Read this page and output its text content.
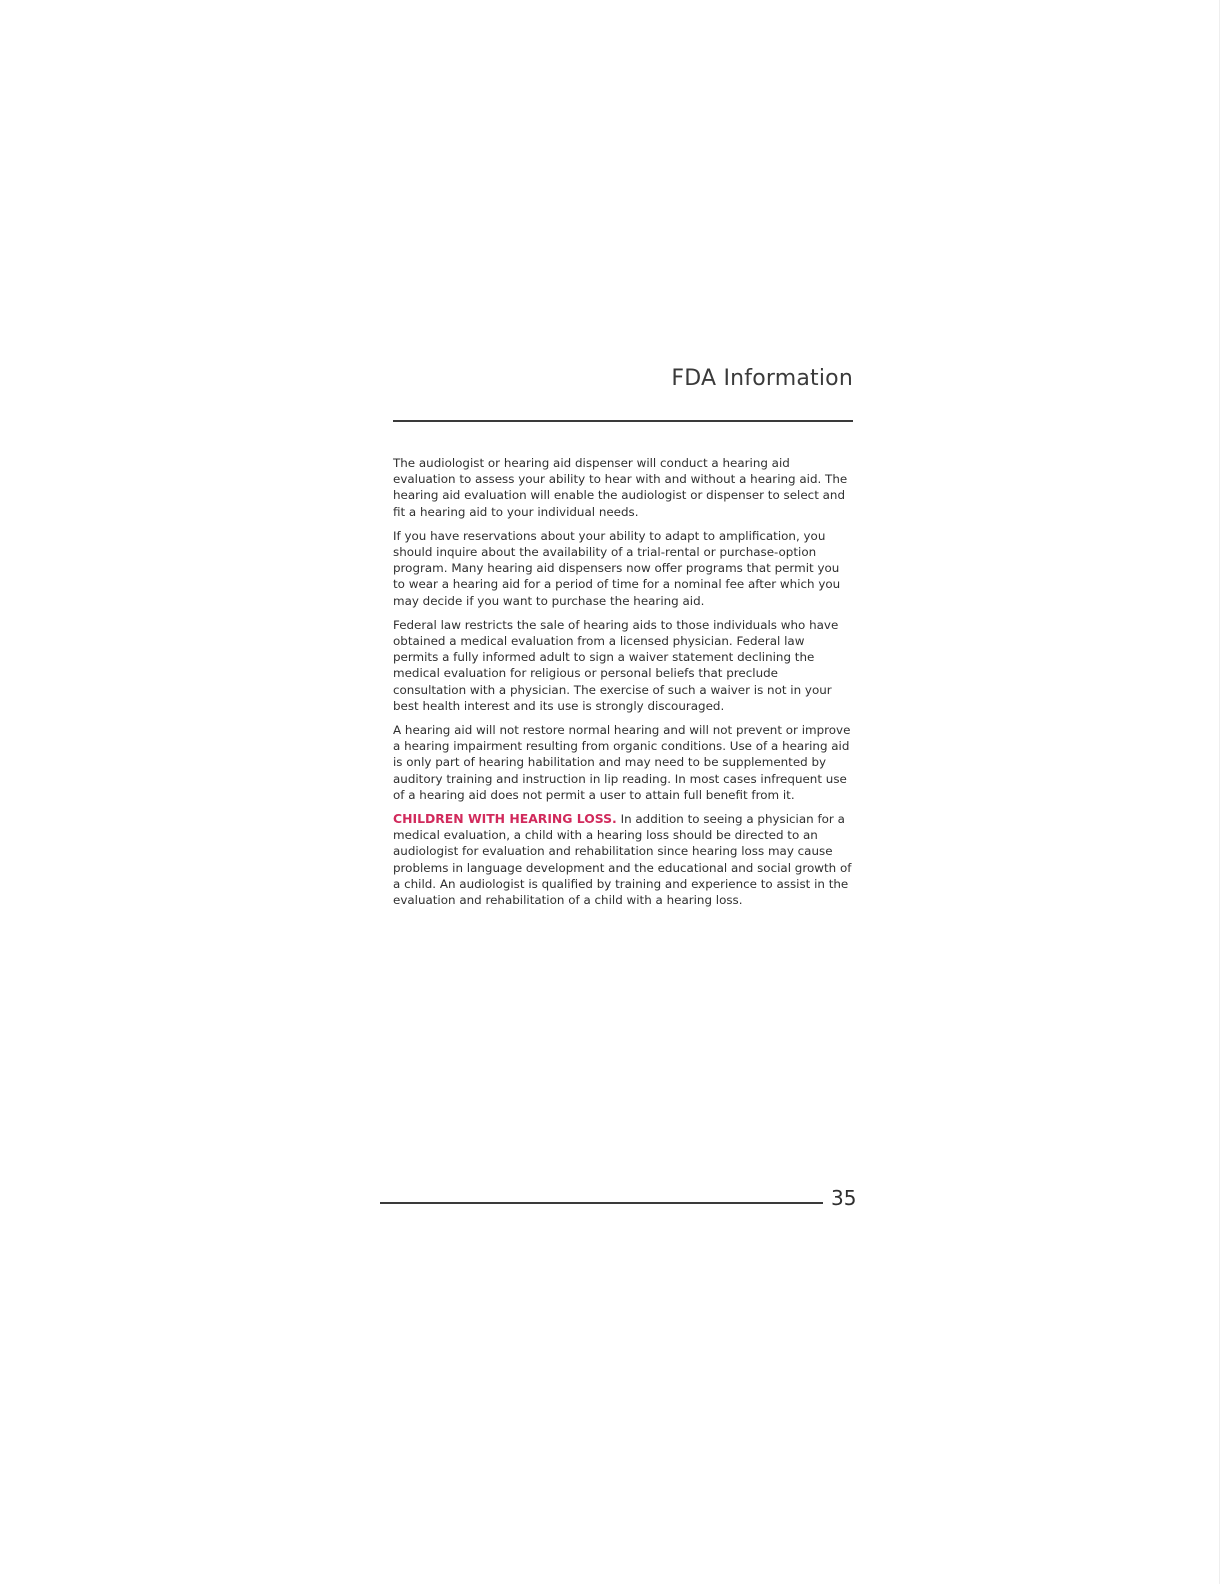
FDA Information

The audiologist or hearing aid dispenser will conduct a hearing aid evaluation to assess your ability to hear with and without a hearing aid. The hearing aid evaluation will enable the audiologist or dispenser to select and fit a hearing aid to your individual needs.

If you have reservations about your ability to adapt to amplification, you should inquire about the availability of a trial-rental or purchase-option program. Many hearing aid dispensers now offer programs that permit you to wear a hearing aid for a period of time for a nominal fee after which you may decide if you want to purchase the hearing aid.

Federal law restricts the sale of hearing aids to those individuals who have obtained a medical evaluation from a licensed physician. Federal law permits a fully informed adult to sign a waiver statement declining the medical evaluation for religious or personal beliefs that preclude consultation with a physician. The exercise of such a waiver is not in your best health interest and its use is strongly discouraged.

A hearing aid will not restore normal hearing and will not prevent or improve a hearing impairment resulting from organic conditions. Use of a hearing aid is only part of hearing habilitation and may need to be supplemented by auditory training and instruction in lip reading. In most cases infrequent use of a hearing aid does not permit a user to attain full benefit from it.

CHILDREN WITH HEARING LOSS. In addition to seeing a physician for a medical evaluation, a child with a hearing loss should be directed to an audiologist for evaluation and rehabilitation since hearing loss may cause problems in language development and the educational and social growth of a child. An audiologist is qualified by training and experience to assist in the evaluation and rehabilitation of a child with a hearing loss.

35
